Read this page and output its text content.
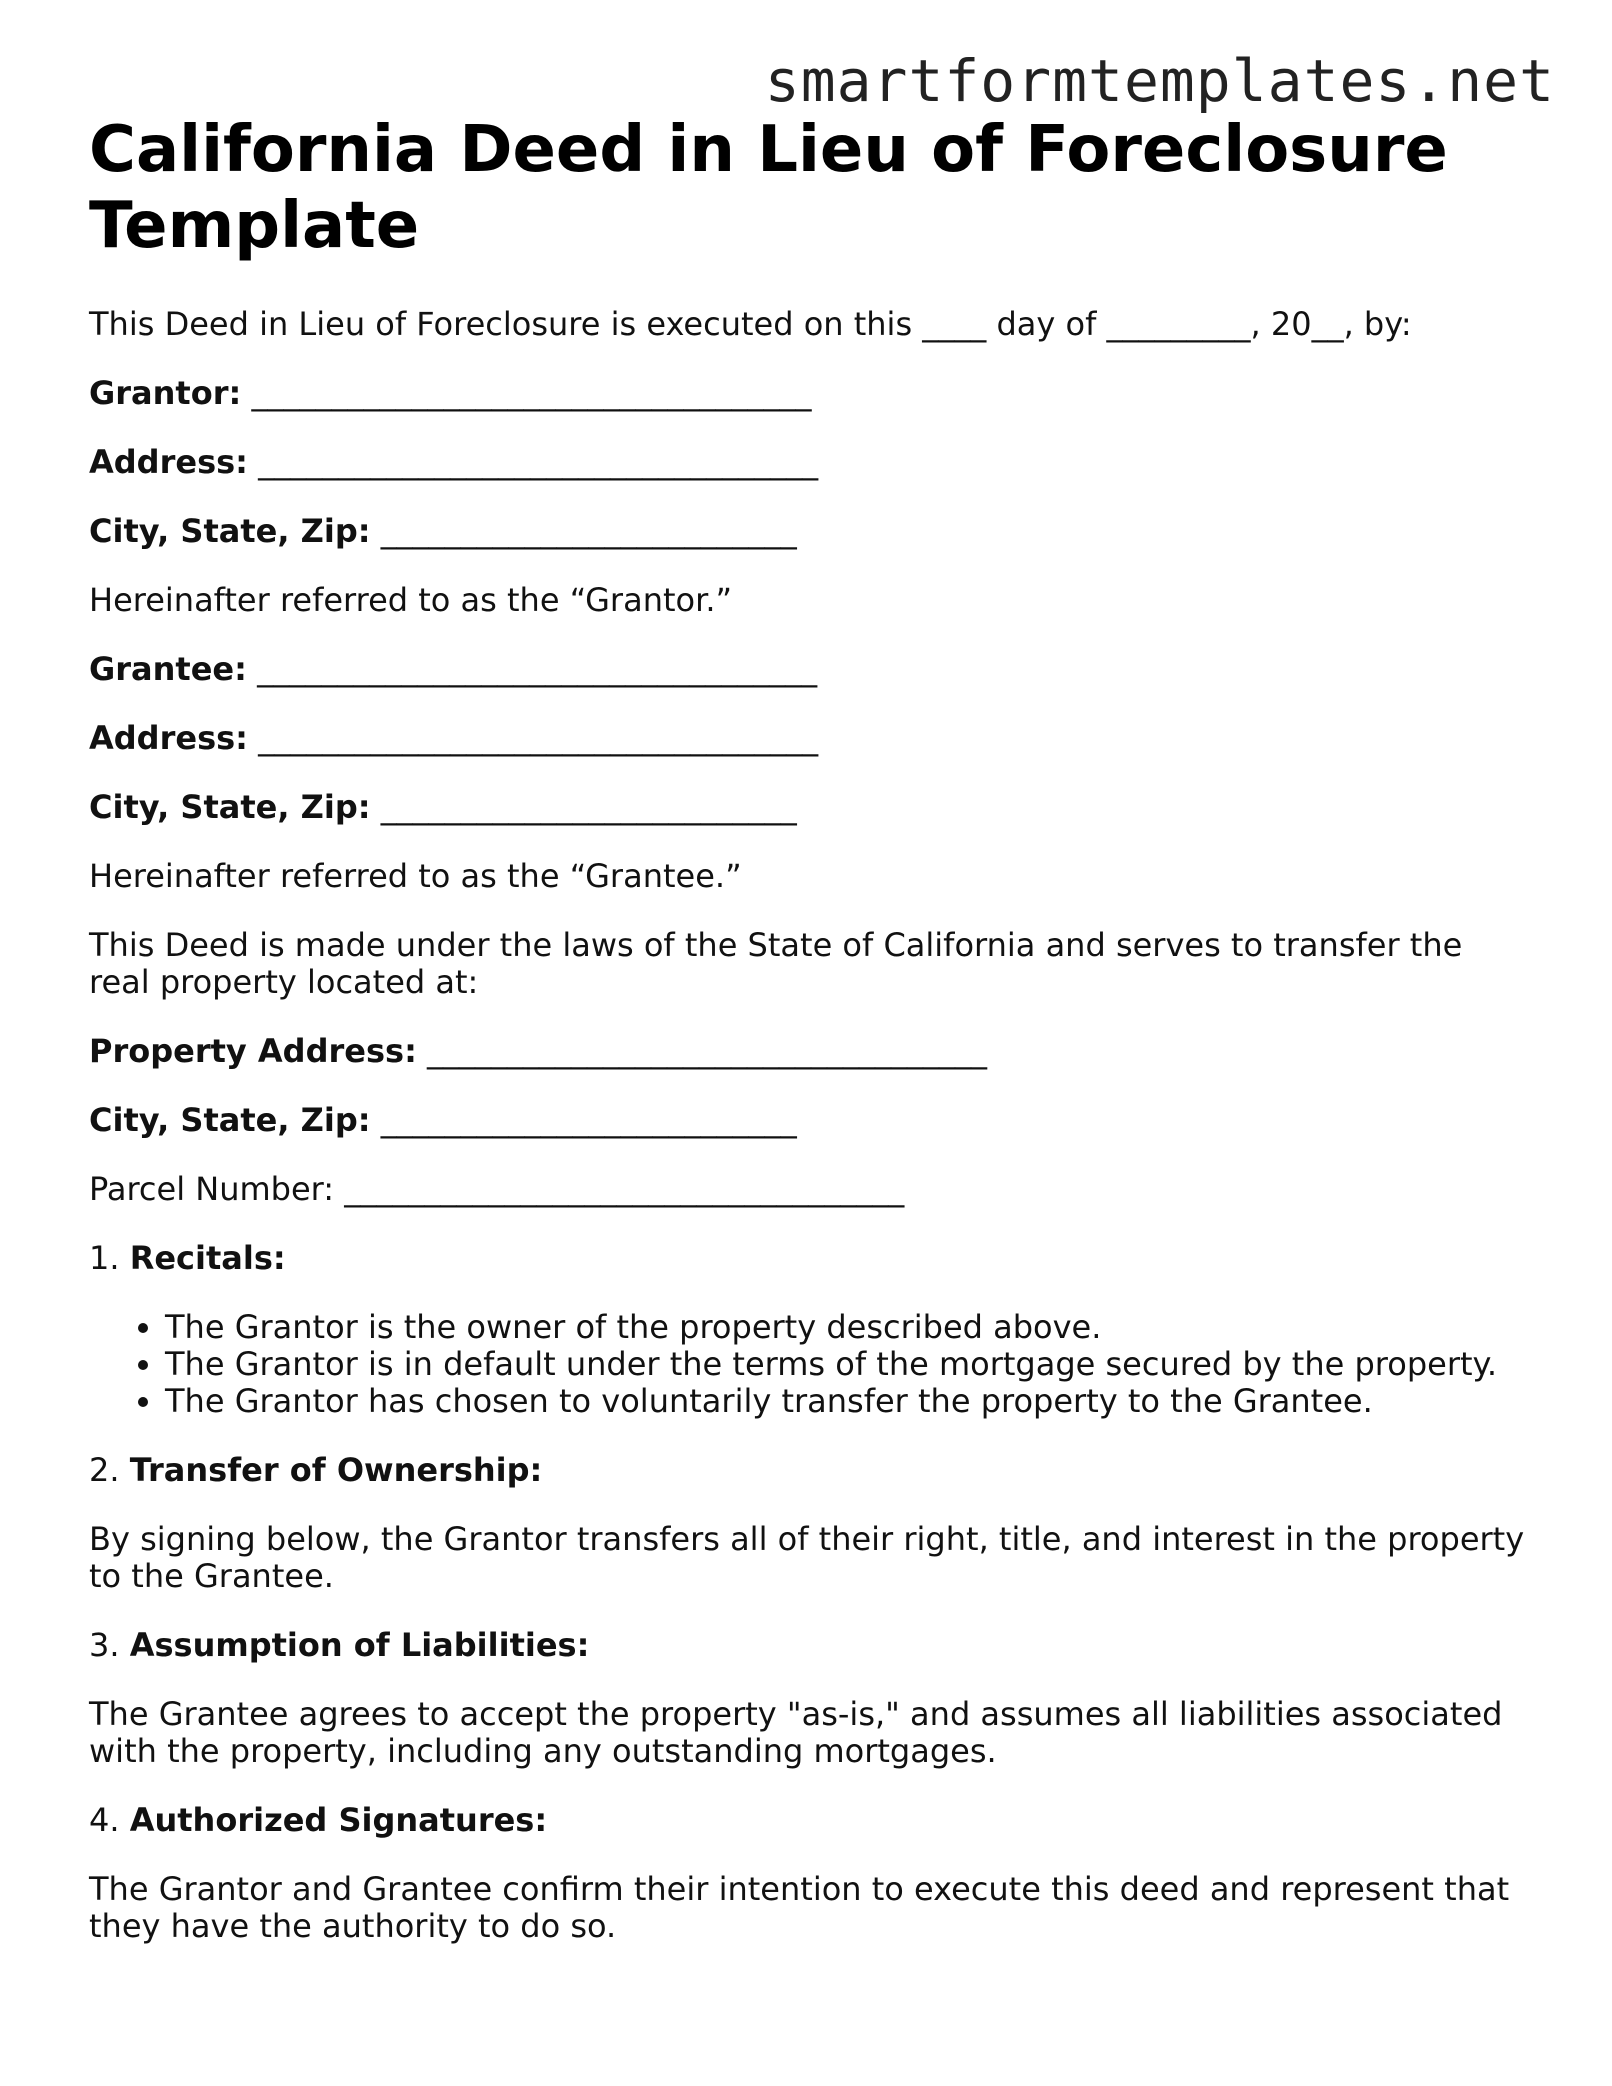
smartformtemplates.net
California Deed in Lieu of Foreclosure Template

This Deed in Lieu of Foreclosure is executed on this ____ day of _________, 20__, by:

Grantor: ___________________________________

Address: ___________________________________

City, State, Zip: __________________________

Hereinafter referred to as the “Grantor.”

Grantee: ___________________________________

Address: ___________________________________

City, State, Zip: __________________________

Hereinafter referred to as the “Grantee.”

This Deed is made under the laws of the State of California and serves to transfer the real property located at:

Property Address: ___________________________________

City, State, Zip: __________________________

Parcel Number: ___________________________________

1. Recitals:

• The Grantor is the owner of the property described above.
• The Grantor is in default under the terms of the mortgage secured by the property.
• The Grantor has chosen to voluntarily transfer the property to the Grantee.

2. Transfer of Ownership:

By signing below, the Grantor transfers all of their right, title, and interest in the property to the Grantee.

3. Assumption of Liabilities:

The Grantee agrees to accept the property "as-is," and assumes all liabilities associated with the property, including any outstanding mortgages.

4. Authorized Signatures:

The Grantor and Grantee confirm their intention to execute this deed and represent that they have the authority to do so.
